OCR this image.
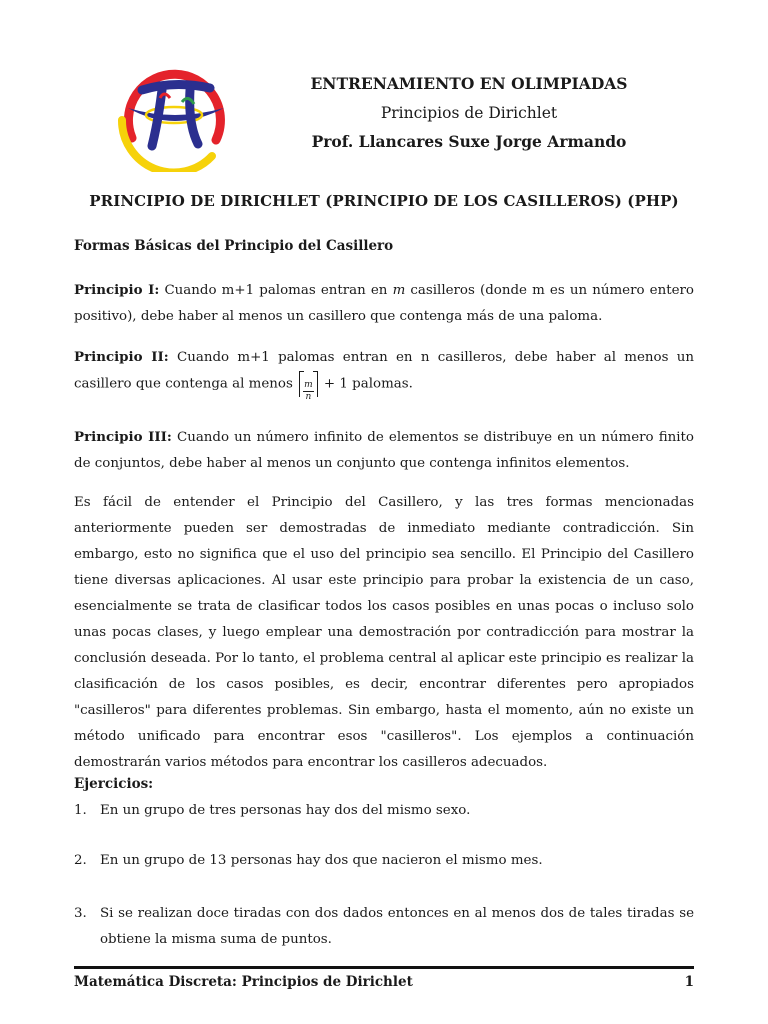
ENTRENAMIENTO EN OLIMPIADAS
Principios de Dirichlet
Prof. Llancares Suxe Jorge Armando
PRINCIPIO DE DIRICHLET (PRINCIPIO DE LOS CASILLEROS) (PHP)
Formas Básicas del Principio del Casillero
Principio I: Cuando m+1 palomas entran en m casilleros (donde m es un número entero positivo), debe haber al menos un casillero que contenga más de una paloma.
Principio II: Cuando m+1 palomas entran en n casilleros, debe haber al menos un casillero que contenga al menos $\frac{m}{n} + 1$ palomas.
Principio III: Cuando un número infinito de elementos se distribuye en un número finito de conjuntos, debe haber al menos un conjunto que contenga infinitos elementos.
Es fácil de entender el Principio del Casillero, y las tres formas mencionadas anteriormente pueden ser demostradas de inmediato mediante contradicción. Sin embargo, esto no significa que el uso del principio sea sencillo. El Principio del Casillero tiene diversas aplicaciones. Al usar este principio para probar la existencia de un caso, esencialmente se trata de clasificar todos los casos posibles en unas pocas o incluso solo unas pocas clases, y luego emplear una demostración por contradicción para mostrar la conclusión deseada. Por lo tanto, el problema central al aplicar este principio es realizar la clasificación de los casos posibles, es decir, encontrar diferentes pero apropiados "casilleros" para diferentes problemas. Sin embargo, hasta el momento, aún no existe un método unificado para encontrar esos "casilleros". Los ejemplos a continuación demostrarán varios métodos para encontrar los casilleros adecuados.
Ejercicios:
1. En un grupo de tres personas hay dos del mismo sexo.
2. En un grupo de 13 personas hay dos que nacieron el mismo mes.
3. Si se realizan doce tiradas con dos dados entonces en al menos dos de tales tiradas se obtiene la misma suma de puntos.
Matemática Discreta: Principios de Dirichlet	1
